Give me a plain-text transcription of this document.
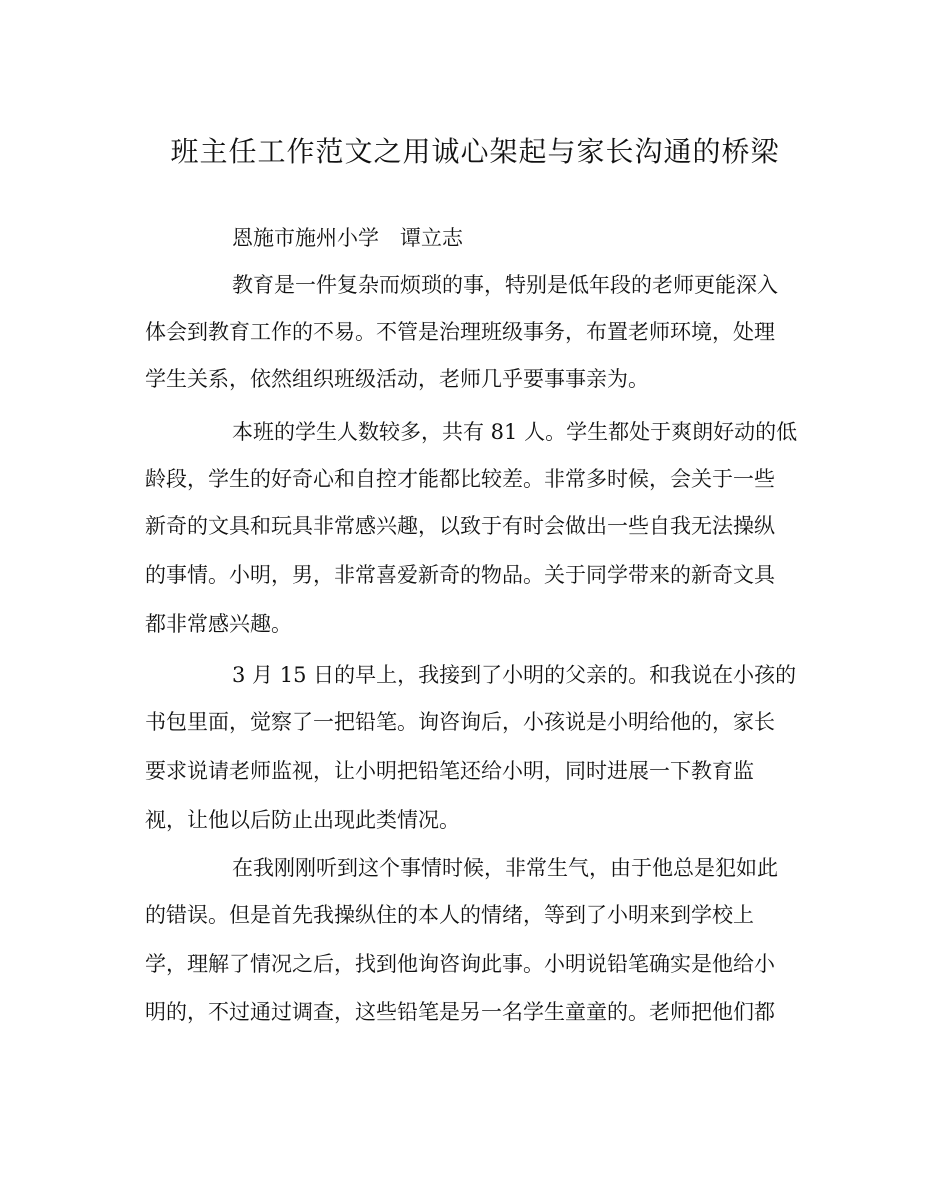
班主任工作范文之用诚心架起与家长沟通的桥梁
恩施市施州小学　谭立志
教育是一件复杂而烦琐的事，特别是低年段的老师更能深入
体会到教育工作的不易。不管是治理班级事务，布置老师环境，处理
学生关系，依然组织班级活动，老师几乎要事事亲为。
本班的学生人数较多，共有 81 人。学生都处于爽朗好动的低
龄段，学生的好奇心和自控才能都比较差。非常多时候，会关于一些
新奇的文具和玩具非常感兴趣，以致于有时会做出一些自我无法操纵
的事情。小明，男，非常喜爱新奇的物品。关于同学带来的新奇文具
都非常感兴趣。
3 月 15 日的早上，我接到了小明的父亲的。和我说在小孩的
书包里面，觉察了一把铅笔。询咨询后，小孩说是小明给他的，家长
要求说请老师监视，让小明把铅笔还给小明，同时进展一下教育监
视，让他以后防止出现此类情况。
在我刚刚听到这个事情时候，非常生气，由于他总是犯如此
的错误。但是首先我操纵住的本人的情绪，等到了小明来到学校上
学，理解了情况之后，找到他询咨询此事。小明说铅笔确实是他给小
明的，不过通过调查，这些铅笔是另一名学生童童的。老师把他们都
